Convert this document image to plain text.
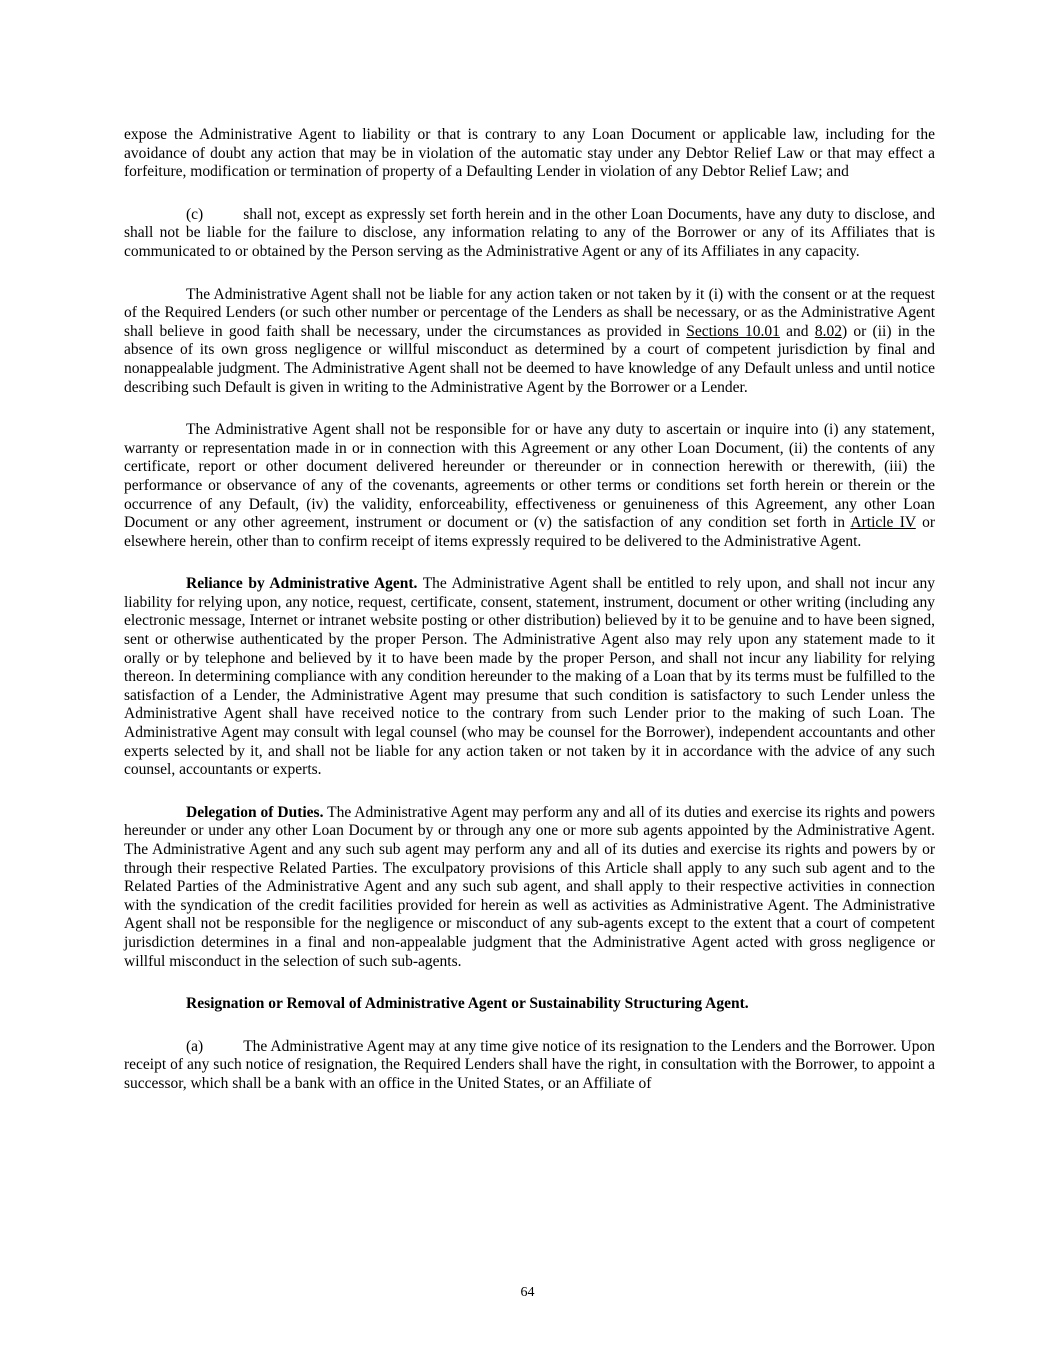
expose the Administrative Agent to liability or that is contrary to any Loan Document or applicable law, including for the avoidance of doubt any action that may be in violation of the automatic stay under any Debtor Relief Law or that may effect a forfeiture, modification or termination of property of a Defaulting Lender in violation of any Debtor Relief Law; and

(c)	shall not, except as expressly set forth herein and in the other Loan Documents, have any duty to disclose, and shall not be liable for the failure to disclose, any information relating to any of the Borrower or any of its Affiliates that is communicated to or obtained by the Person serving as the Administrative Agent or any of its Affiliates in any capacity.

The Administrative Agent shall not be liable for any action taken or not taken by it (i) with the consent or at the request of the Required Lenders (or such other number or percentage of the Lenders as shall be necessary, or as the Administrative Agent shall believe in good faith shall be necessary, under the circumstances as provided in Sections 10.01 and 8.02) or (ii) in the absence of its own gross negligence or willful misconduct as determined by a court of competent jurisdiction by final and nonappealable judgment. The Administrative Agent shall not be deemed to have knowledge of any Default unless and until notice describing such Default is given in writing to the Administrative Agent by the Borrower or a Lender.

The Administrative Agent shall not be responsible for or have any duty to ascertain or inquire into (i) any statement, warranty or representation made in or in connection with this Agreement or any other Loan Document, (ii) the contents of any certificate, report or other document delivered hereunder or thereunder or in connection herewith or therewith, (iii) the performance or observance of any of the covenants, agreements or other terms or conditions set forth herein or therein or the occurrence of any Default, (iv) the validity, enforceability, effectiveness or genuineness of this Agreement, any other Loan Document or any other agreement, instrument or document or (v) the satisfaction of any condition set forth in Article IV or elsewhere herein, other than to confirm receipt of items expressly required to be delivered to the Administrative Agent.

Reliance by Administrative Agent. The Administrative Agent shall be entitled to rely upon, and shall not incur any liability for relying upon, any notice, request, certificate, consent, statement, instrument, document or other writing (including any electronic message, Internet or intranet website posting or other distribution) believed by it to be genuine and to have been signed, sent or otherwise authenticated by the proper Person. The Administrative Agent also may rely upon any statement made to it orally or by telephone and believed by it to have been made by the proper Person, and shall not incur any liability for relying thereon. In determining compliance with any condition hereunder to the making of a Loan that by its terms must be fulfilled to the satisfaction of a Lender, the Administrative Agent may presume that such condition is satisfactory to such Lender unless the Administrative Agent shall have received notice to the contrary from such Lender prior to the making of such Loan. The Administrative Agent may consult with legal counsel (who may be counsel for the Borrower), independent accountants and other experts selected by it, and shall not be liable for any action taken or not taken by it in accordance with the advice of any such counsel, accountants or experts.

Delegation of Duties. The Administrative Agent may perform any and all of its duties and exercise its rights and powers hereunder or under any other Loan Document by or through any one or more sub agents appointed by the Administrative Agent. The Administrative Agent and any such sub agent may perform any and all of its duties and exercise its rights and powers by or through their respective Related Parties. The exculpatory provisions of this Article shall apply to any such sub agent and to the Related Parties of the Administrative Agent and any such sub agent, and shall apply to their respective activities in connection with the syndication of the credit facilities provided for herein as well as activities as Administrative Agent. The Administrative Agent shall not be responsible for the negligence or misconduct of any sub-agents except to the extent that a court of competent jurisdiction determines in a final and non-appealable judgment that the Administrative Agent acted with gross negligence or willful misconduct in the selection of such sub-agents.

Resignation or Removal of Administrative Agent or Sustainability Structuring Agent.

(a)	The Administrative Agent may at any time give notice of its resignation to the Lenders and the Borrower. Upon receipt of any such notice of resignation, the Required Lenders shall have the right, in consultation with the Borrower, to appoint a successor, which shall be a bank with an office in the United States, or an Affiliate of

64
